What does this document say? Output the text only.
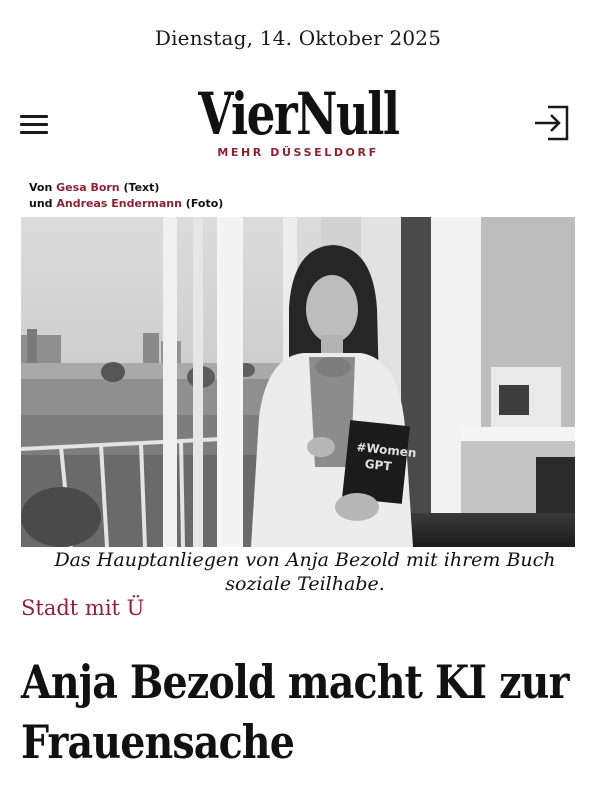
Dienstag, 14. Oktober 2025
VierNull
MEHR DÜSSELDORF
Von Gesa Born (Text)
und Andreas Endermann (Foto)
#Women
GPT
Das Hauptanliegen von Anja Bezold mit ihrem Buch
soziale Teilhabe.
Stadt mit Ü
Anja Bezold macht KI zur
Frauensache
